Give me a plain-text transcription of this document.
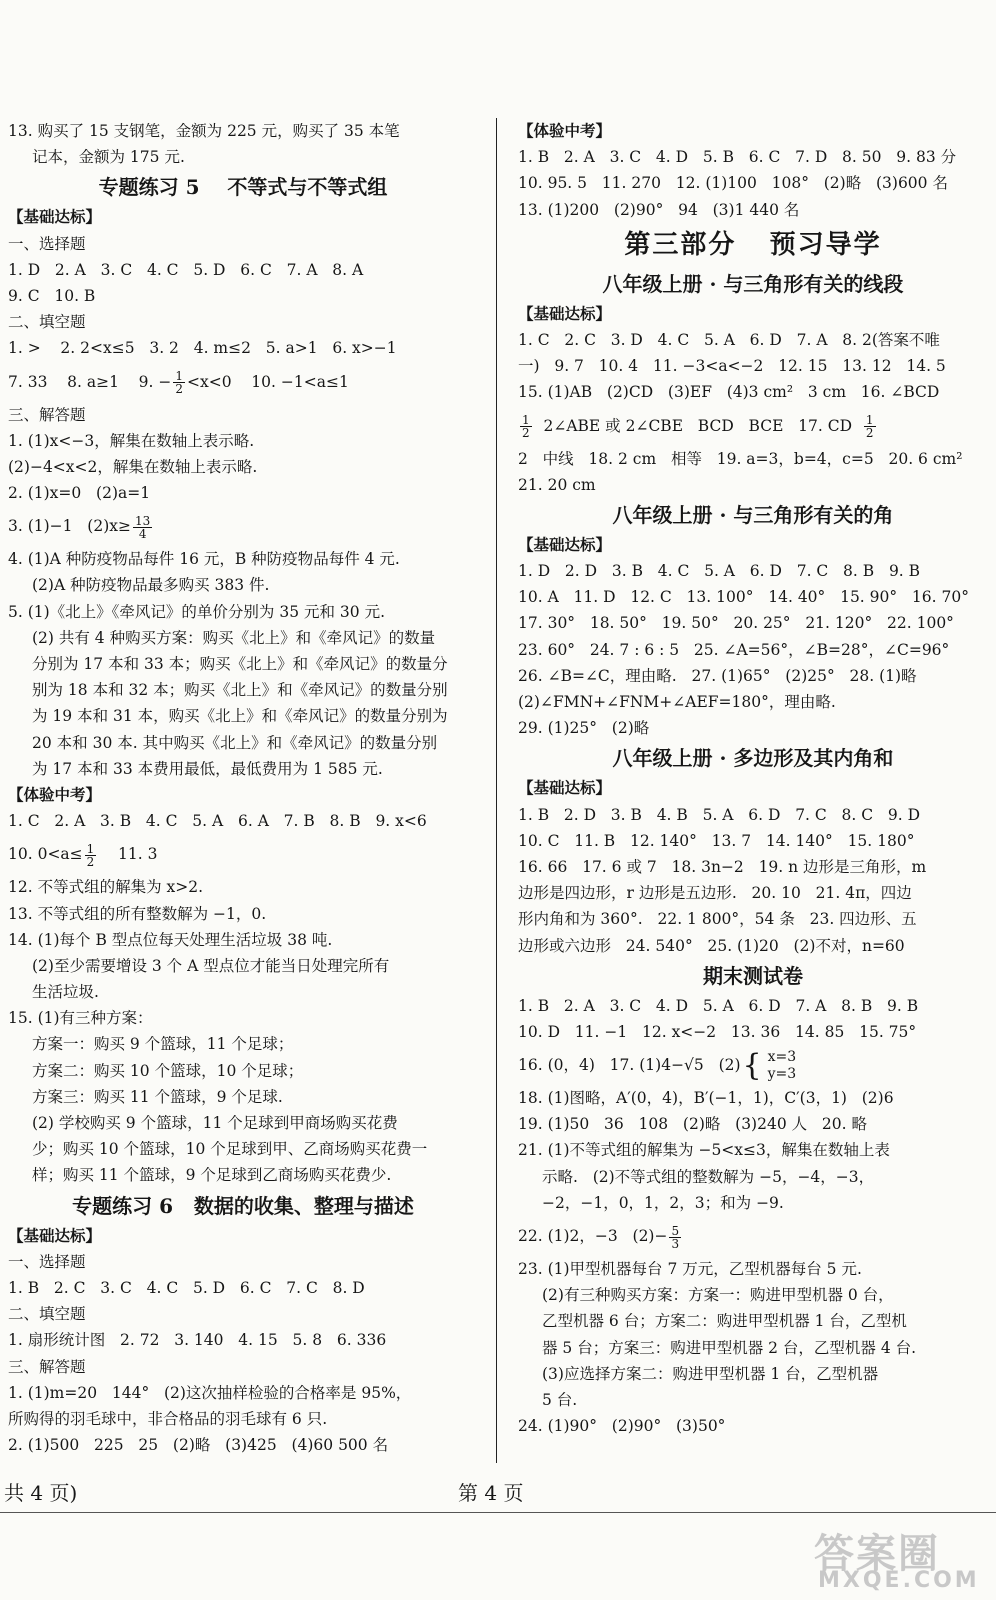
13. 购买了 15 支钢笔，金额为 225 元，购买了 35 本笔
记本，金额为 175 元.
专题练习 5    不等式与不等式组
【基础达标】
一、选择题
1. D   2. A   3. C   4. C   5. D   6. C   7. A   8. A
9. C   10. B
二、填空题
1. >    2. 2<x≤5   3. 2   4. m≤2   5. a>1   6. x>−1
7. 33    8. a≥1    9. − $\frac{1}{2} <x<0$    10. −1<a≤1
三、解答题
1. (1)x<−3，解集在数轴上表示略.
(2)−4<x<2，解集在数轴上表示略.
2. (1)x=0   (2)a=1
3. (1)−1   $(2)x\ge \frac{13}{4}$
4. (1)A 种防疫物品每件 16 元，B 种防疫物品每件 4 元.
(2)A 种防疫物品最多购买 383 件.
5. (1)《北上》《牵风记》的单价分别为 35 元和 30 元.
(2) 共有 4 种购买方案：购买《北上》和《牵风记》的数量
分别为 17 本和 33 本；购买《北上》和《牵风记》的数量分
别为 18 本和 32 本；购买《北上》和《牵风记》的数量分别
为 19 本和 31 本，购买《北上》和《牵风记》的数量分别为
20 本和 30 本. 其中购买《北上》和《牵风记》的数量分别
为 17 本和 33 本费用最低，最低费用为 1 585 元.
【体验中考】
1. C   2. A   3. B   4. C   5. A   6. A   7. B   8. B   9. x<6
10. $0<a\le \frac{1}{2} 11$. 3
12. 不等式组的解集为 x>2.
13. 不等式组的所有整数解为 −1，0.
14. (1)每个 B 型点位每天处理生活垃圾 38 吨.
(2)至少需要增设 3 个 A 型点位才能当日处理完所有
生活垃圾.
15. (1)有三种方案：
方案一：购买 9 个篮球，11 个足球；
方案二：购买 10 个篮球，10 个足球；
方案三：购买 11 个篮球，9 个足球.
(2) 学校购买 9 个篮球，11 个足球到甲商场购买花费
少；购买 10 个篮球，10 个足球到甲、乙商场购买花费一
样；购买 11 个篮球，9 个足球到乙商场购买花费少.
专题练习 6   数据的收集、整理与描述
【基础达标】
一、选择题
1. B   2. C   3. C   4. C   5. D   6. C   7. C   8. D
二、填空题
1. 扇形统计图   2. 72   3. 140   4. 15   5. 8   6. 336
三、解答题
1. (1)m=20   144°   (2)这次抽样检验的合格率是 95%，
所购得的羽毛球中，非合格品的羽毛球有 6 只.
2. (1)500   225   25   (2)略   (3)425   (4)60 500 名
【体验中考】
1. B   2. A   3. C   4. D   5. B   6. C   7. D   8. 50   9. 83 分
10. 95. 5   11. 270   12. (1)100   108°   (2)略   (3)600 名
13. (1)200   (2)90°   94   (3)1 440 名
第三部分   预习导学
八年级上册 · 与三角形有关的线段
【基础达标】
1. C   2. C   3. D   4. C   5. A   6. D   7. A   8. 2(答案不唯
一)   9. 7   10. 4   11. −3<a<−2   12. 15   13. 12   14. 5
15. (1)AB   (2)CD   (3)EF   (4)3 cm²   3 cm   16. ∠BCD
$\frac{1}{2}$ 2∠ABE 或 2∠CBE   BCD   BCE   17. CD $\frac{1}{2}$
2   中线   18. 2 cm   相等   19. a=3，b=4，c=5   20. 6 cm²
21. 20 cm
八年级上册 · 与三角形有关的角
【基础达标】
1. D   2. D   3. B   4. C   5. A   6. D   7. C   8. B   9. B
10. A   11. D   12. C   13. 100°   14. 40°   15. 90°   16. 70°
17. 30°   18. 50°   19. 50°   20. 25°   21. 120°   22. 100°
23. 60°   24. 7 : 6 : 5   25. ∠A=56°，∠B=28°，∠C=96°
26. ∠B=∠C，理由略.   27. (1)65°   (2)25°   28. (1)略
(2)∠FMN+∠FNM+∠AEF=180°，理由略.
29. (1)25°   (2)略
八年级上册 · 多边形及其内角和
【基础达标】
1. B   2. D   3. B   4. B   5. A   6. D   7. C   8. C   9. D
10. C   11. B   12. 140°   13. 7   14. 140°   15. 180°
16. 66   17. 6 或 7   18. 3n−2   19. n 边形是三角形，m
边形是四边形，r 边形是五边形.   20. 10   21. 4π，四边
形内角和为 360°.   22. 1 800°，54 条   23. 四边形、五
边形或六边形   24. 540°   25. (1)20   (2)不对，n=60
期末测试卷
1. B   2. A   3. C   4. D   5. A   6. D   7. A   8. B   9. B
10. D   11. −1   12. x<−2   13. 36   14. 85   15. 75°
16. (0，4)   17. (1)4−√5   (2){ x=3
y=3
18. (1)图略，A′(0，4)，B′(−1，1)，C′(3，1)   (2)6
19. (1)50   36   108   (2)略   (3)240 人   20. 略
21. (1)不等式组的解集为 −5<x≤3，解集在数轴上表
示略.   (2)不等式组的整数解为 −5，−4，−3，
−2，−1，0，1，2，3；和为 −9.
22. (1)2，−3   $(2)- \frac{5}{3}$
23. (1)甲型机器每台 7 万元，乙型机器每台 5 元.
(2)有三种购买方案：方案一：购进甲型机器 0 台，
乙型机器 6 台；方案二：购进甲型机器 1 台，乙型机
器 5 台；方案三：购进甲型机器 2 台，乙型机器 4 台.
(3)应选择方案二：购进甲型机器 1 台，乙型机器
5 台.
24. (1)90°   (2)90°   (3)50°
共 4 页)	第 4 页
答案圈
MXQE.COM
